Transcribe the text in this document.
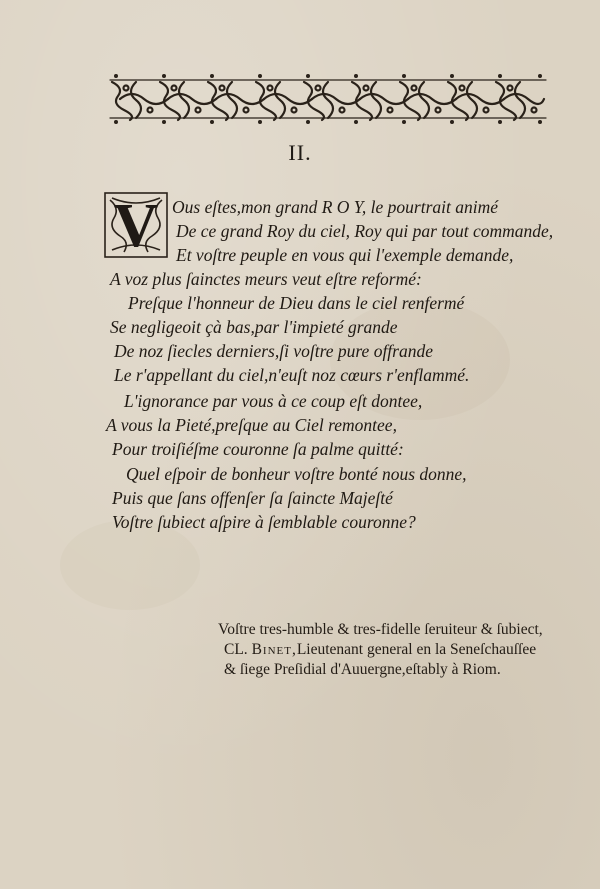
II.
V Ous eſtes,mon grand R O Y, le pourtrait animé
De ce grand Roy du ciel, Roy qui par tout commande,
Et voſtre peuple en vous qui l'exemple demande,
A voz plus ſainctes meurs veut eſtre reformé:
Preſque l'honneur de Dieu dans le ciel renfermé
Se negligeoit çà bas,par l'impieté grande
De noz ſiecles derniers,ſi voſtre pure offrande
Le r'appellant du ciel,n'euſt noz cœurs r'enflammé.
L'ignorance par vous à ce coup eſt dontee,
A vous la Pieté,preſque au Ciel remontee,
Pour troiſiéſme couronne ſa palme quitté:
Quel eſpoir de bonheur voſtre bonté nous donne,
Puis que ſans offenſer ſa ſaincte Majeſté
Voſtre ſubiect aſpire à ſemblable couronne?
Voſtre tres-humble & tres-fidelle ſeruiteur & ſubiect,
CL. Binet,Lieutenant general en la Seneſchauſſee
& ſiege Preſidial d'Auuergne,eſtably à Riom.
